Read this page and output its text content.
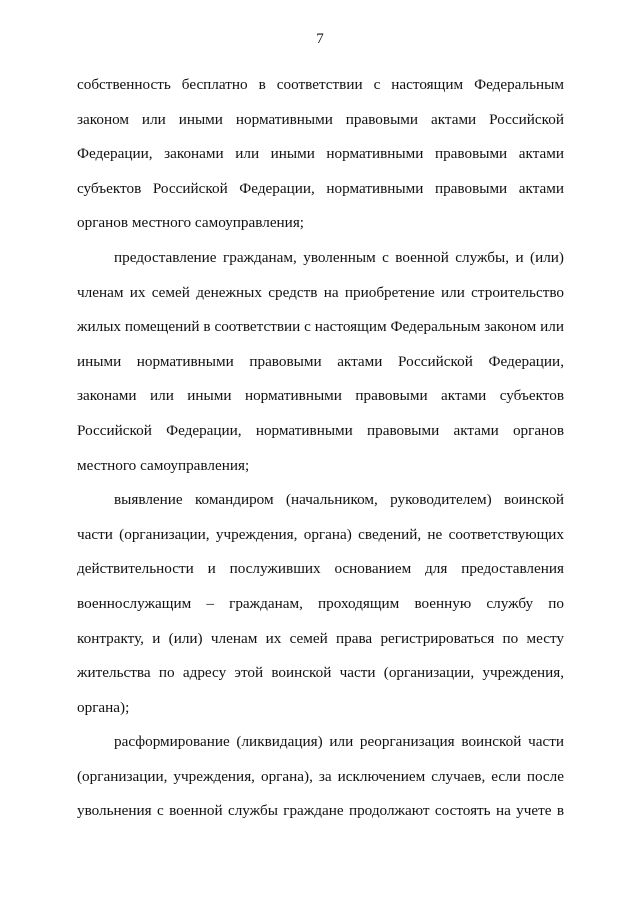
7

собственность бесплатно в соответствии с настоящим Федеральным законом или иными нормативными правовыми актами Российской Федерации, законами или иными нормативными правовыми актами субъектов Российской Федерации, нормативными правовыми актами органов местного самоуправления;

предоставление гражданам, уволенным с военной службы, и (или) членам их семей денежных средств на приобретение или строительство жилых помещений в соответствии с настоящим Федеральным законом или иными нормативными правовыми актами Российской Федерации, законами или иными нормативными правовыми актами субъектов Российской Федерации, нормативными правовыми актами органов местного самоуправления;

выявление командиром (начальником, руководителем) воинской части (организации, учреждения, органа) сведений, не соответствующих действительности и послуживших основанием для предоставления военнослужащим – гражданам, проходящим военную службу по контракту, и (или) членам их семей права регистрироваться по месту жительства по адресу этой воинской части (организации, учреждения, органа);

расформирование (ликвидация) или реорганизация воинской части (организации, учреждения, органа), за исключением случаев, если после увольнения с военной службы граждане продолжают состоять на учете в
